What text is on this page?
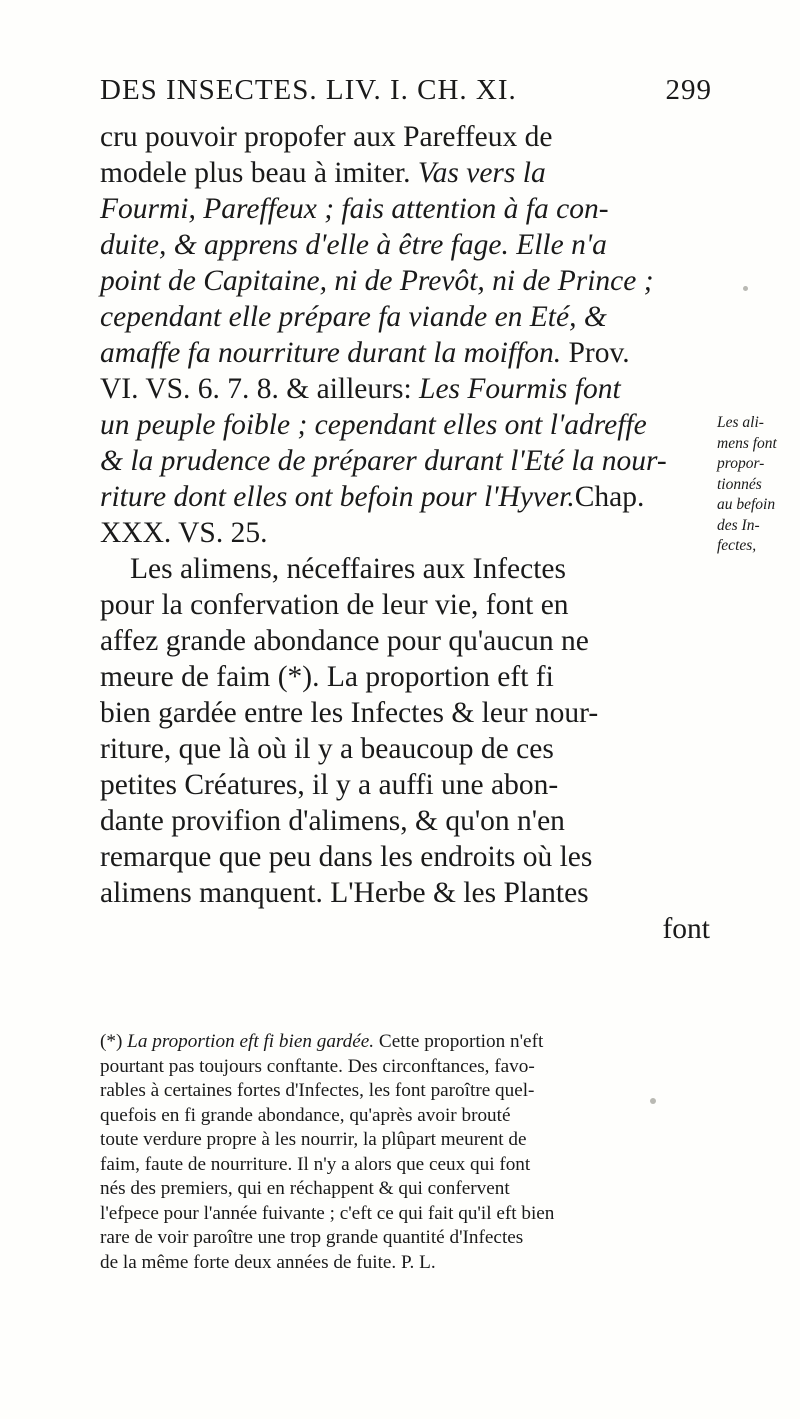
DES INSECTES. LIV. I. CH. XI.	299
cru pouvoir propofer aux Pareffeux de
modele plus beau à imiter. Vas vers la
Fourmi, Pareffeux ; fais attention à fa con-
duite, & apprens d'elle à être fage. Elle n'a
point de Capitaine, ni de Prevôt, ni de Prince ;
cependant elle prépare fa viande en Eté, &
amaffe fa nourriture durant la moiffon. Prov.
VI. VS. 6. 7. 8. & ailleurs: Les Fourmis font
un peuple foible ; cependant elles ont l'adreffe
& la prudence de préparer durant l'Eté la nour-
riture dont elles ont befoin pour l'Hyver.Chap.
XXX. VS. 25.
Les alimens, néceffaires aux Infectes
pour la confervation de leur vie, font en
affez grande abondance pour qu'aucun ne
meure de faim (*). La proportion eft fi
bien gardée entre les Infectes & leur nour-
riture, que là où il y a beaucoup de ces
petites Créatures, il y a auffi une abon-
dante provifion d'alimens, & qu'on n'en
remarque que peu dans les endroits où les
alimens manquent. L'Herbe & les Plantes
font
Les ali-
mens font
propor-
tionnés
au befoin
des In-
fectes,
(*) La proportion eft fi bien gardée. Cette proportion n'eft
pourtant pas toujours conftante. Des circonftances, favo-
rables à certaines fortes d'Infectes, les font paroître quel-
quefois en fi grande abondance, qu'après avoir brouté
toute verdure propre à les nourrir, la plûpart meurent de
faim, faute de nourriture. Il n'y a alors que ceux qui font
nés des premiers, qui en réchappent & qui confervent
l'efpece pour l'année fuivante ; c'eft ce qui fait qu'il eft bien
rare de voir paroître une trop grande quantité d'Infectes
de la même forte deux années de fuite. P. L.
